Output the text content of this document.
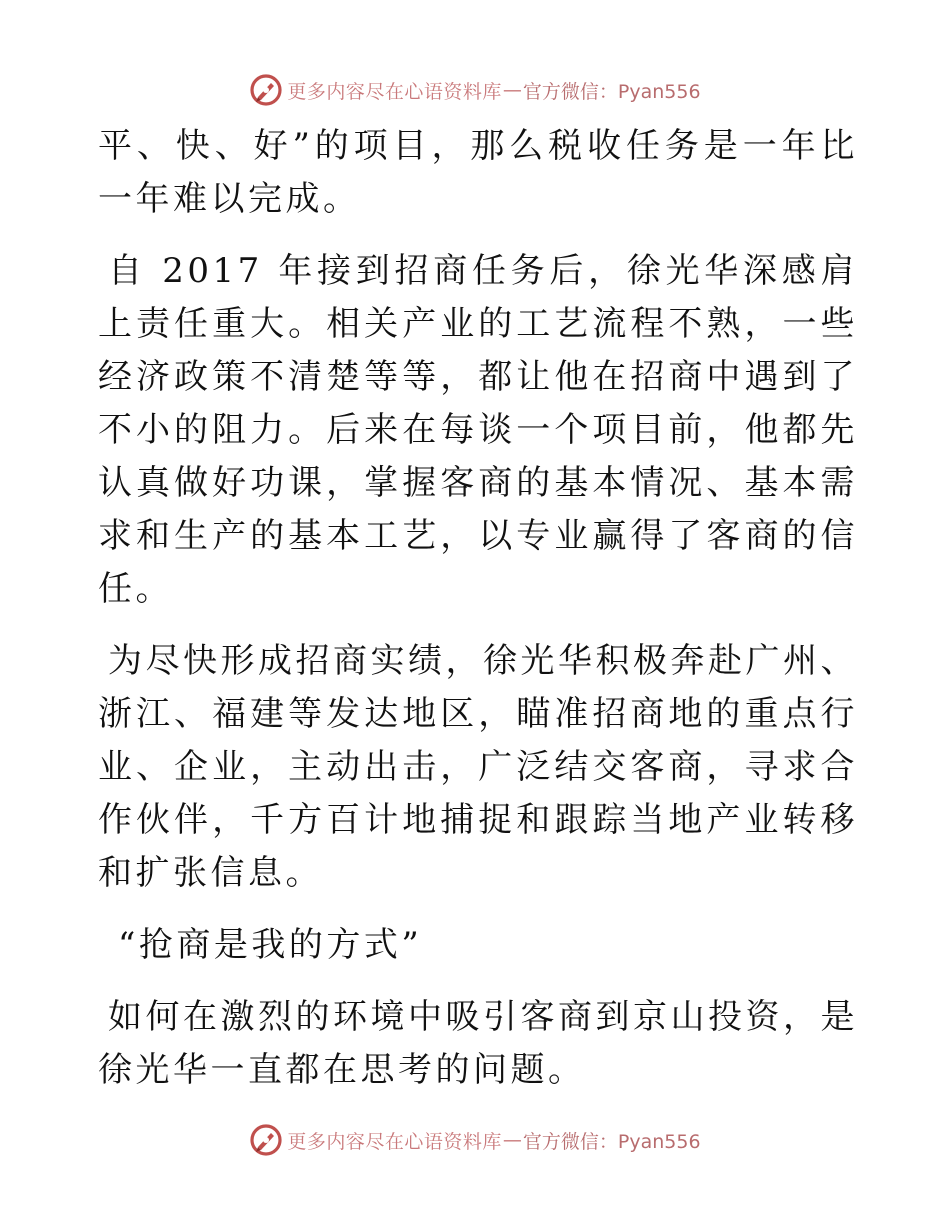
更多内容尽在心语资料库 — 官方微信：Pyan556

平、快、好”的项目，那么税收任务是一年比一年难以完成。

自 2017 年接到招商任务后，徐光华深感肩上责任重大。相关产业的工艺流程不熟，一些经济政策不清楚等等，都让他在招商中遇到了不小的阻力。后来在每谈一个项目前，他都先认真做好功课，掌握客商的基本情况、基本需求和生产的基本工艺，以专业赢得了客商的信任。

为尽快形成招商实绩，徐光华积极奔赴广州、浙江、福建等发达地区，瞄准招商地的重点行业、企业，主动出击，广泛结交客商，寻求合作伙伴，千方百计地捕捉和跟踪当地产业转移和扩张信息。

“抢商是我的方式”

如何在激烈的环境中吸引客商到京山投资，是徐光华一直都在思考的问题。

更多内容尽在心语资料库 — 官方微信：Pyan556
